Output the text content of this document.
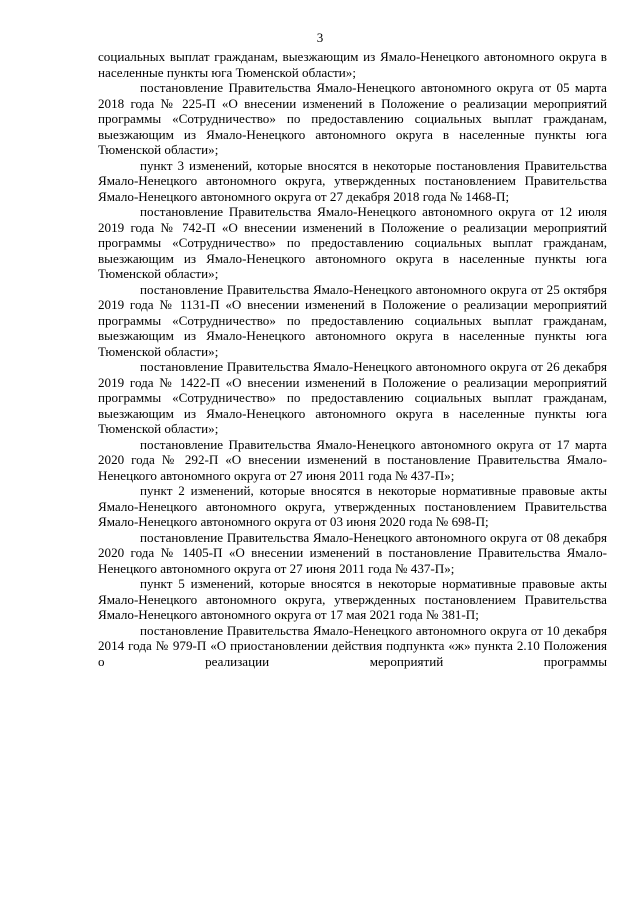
3

социальных выплат гражданам, выезжающим из Ямало-Ненецкого автономного округа в населенные пункты юга Тюменской области»;

постановление Правительства Ямало-Ненецкого автономного округа от 05 марта 2018 года № 225-П «О внесении изменений в Положение о реализации мероприятий программы «Сотрудничество» по предоставлению социальных выплат гражданам, выезжающим из Ямало-Ненецкого автономного округа в населенные пункты юга Тюменской области»;

пункт 3 изменений, которые вносятся в некоторые постановления Правительства Ямало-Ненецкого автономного округа, утвержденных постановлением Правительства Ямало-Ненецкого автономного округа от 27 декабря 2018 года № 1468-П;

постановление Правительства Ямало-Ненецкого автономного округа от 12 июля 2019 года № 742-П «О внесении изменений в Положение о реализации мероприятий программы «Сотрудничество» по предоставлению социальных выплат гражданам, выезжающим из Ямало-Ненецкого автономного округа в населенные пункты юга Тюменской области»;

постановление Правительства Ямало-Ненецкого автономного округа от 25 октября 2019 года № 1131-П «О внесении изменений в Положение о реализации мероприятий программы «Сотрудничество» по предоставлению социальных выплат гражданам, выезжающим из Ямало-Ненецкого автономного округа в населенные пункты юга Тюменской области»;

постановление Правительства Ямало-Ненецкого автономного округа от 26 декабря 2019 года № 1422-П «О внесении изменений в Положение о реализации мероприятий программы «Сотрудничество» по предоставлению социальных выплат гражданам, выезжающим из Ямало-Ненецкого автономного округа в населенные пункты юга Тюменской области»;

постановление Правительства Ямало-Ненецкого автономного округа от 17 марта 2020 года № 292-П «О внесении изменений в постановление Правительства Ямало-Ненецкого автономного округа от 27 июня 2011 года № 437-П»;

пункт 2 изменений, которые вносятся в некоторые нормативные правовые акты Ямало-Ненецкого автономного округа, утвержденных постановлением Правительства Ямало-Ненецкого автономного округа от 03 июня 2020 года № 698-П;

постановление Правительства Ямало-Ненецкого автономного округа от 08 декабря 2020 года № 1405-П «О внесении изменений в постановление Правительства Ямало-Ненецкого автономного округа от 27 июня 2011 года № 437-П»;

пункт 5 изменений, которые вносятся в некоторые нормативные правовые акты Ямало-Ненецкого автономного округа, утвержденных постановлением Правительства Ямало-Ненецкого автономного округа от 17 мая 2021 года № 381-П;

постановление Правительства Ямало-Ненецкого автономного округа от 10 декабря 2014 года № 979-П «О приостановлении действия подпункта «ж» пункта 2.10 Положения о реализации мероприятий программы
